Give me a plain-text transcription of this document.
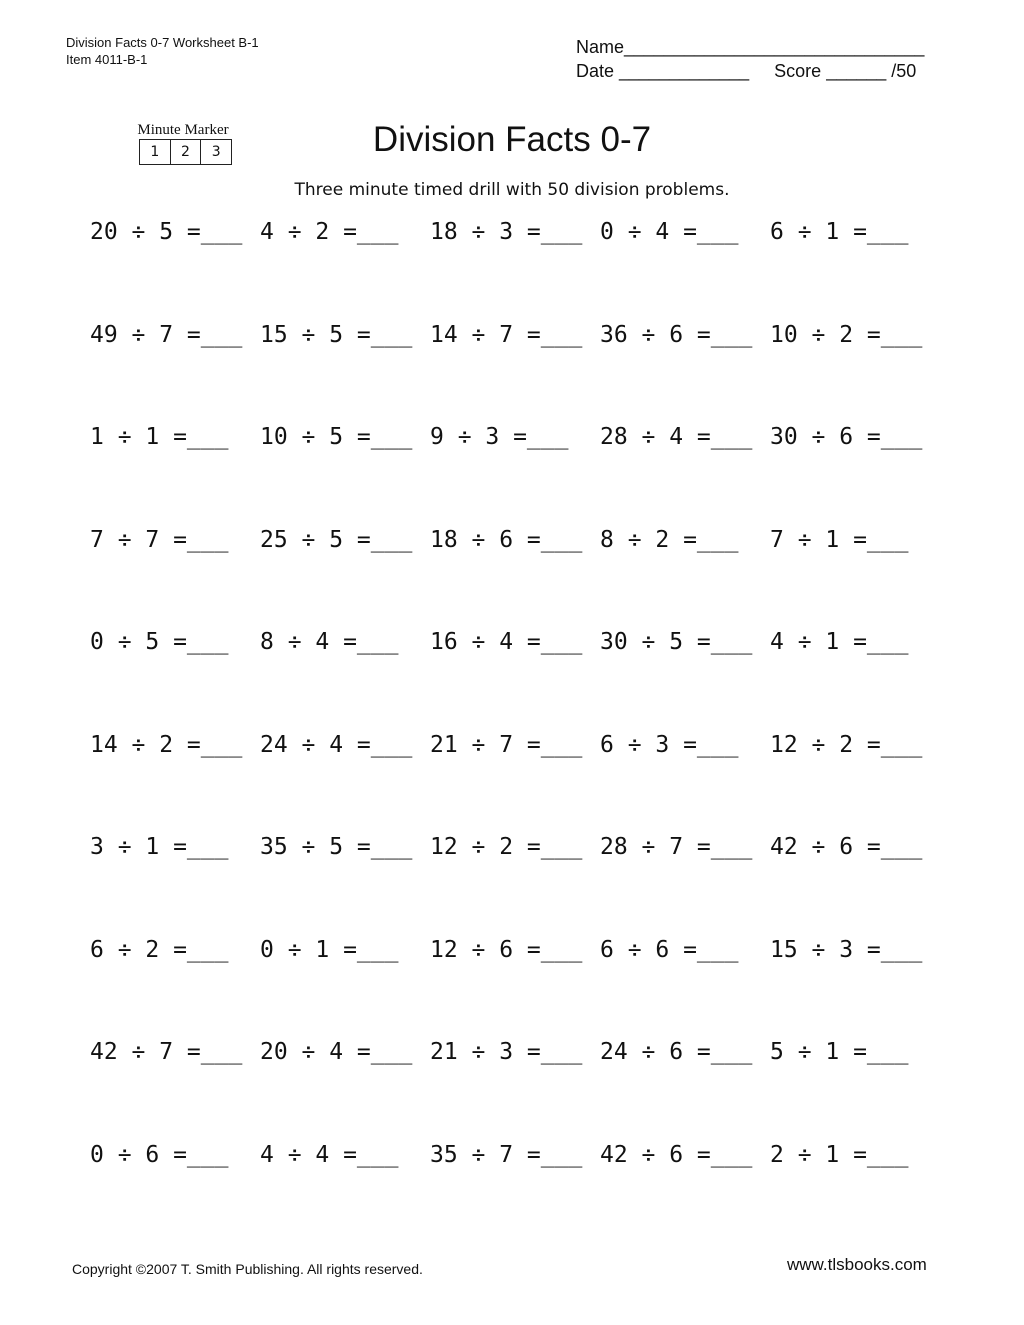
Division Facts 0-7 Worksheet B-1
Item 4011-B-1
Name______________________________
Date _____________     Score ______ /50
Minute Marker
1	2	3	Division Facts 0-7
Three minute timed drill with 50 division problems.
20 ÷ 5 =___ 4 ÷ 2 =___ 18 ÷ 3 =___ 0 ÷ 4 =___ 6 ÷ 1 =___
49 ÷ 7 =___ 15 ÷ 5 =___ 14 ÷ 7 =___ 36 ÷ 6 =___ 10 ÷ 2 =___
1 ÷ 1 =___ 10 ÷ 5 =___ 9 ÷ 3 =___ 28 ÷ 4 =___ 30 ÷ 6 =___
7 ÷ 7 =___ 25 ÷ 5 =___ 18 ÷ 6 =___ 8 ÷ 2 =___ 7 ÷ 1 =___
0 ÷ 5 =___ 8 ÷ 4 =___ 16 ÷ 4 =___ 30 ÷ 5 =___ 4 ÷ 1 =___
14 ÷ 2 =___ 24 ÷ 4 =___ 21 ÷ 7 =___ 6 ÷ 3 =___ 12 ÷ 2 =___
3 ÷ 1 =___ 35 ÷ 5 =___ 12 ÷ 2 =___ 28 ÷ 7 =___ 42 ÷ 6 =___
6 ÷ 2 =___ 0 ÷ 1 =___ 12 ÷ 6 =___ 6 ÷ 6 =___ 15 ÷ 3 =___
42 ÷ 7 =___ 20 ÷ 4 =___ 21 ÷ 3 =___ 24 ÷ 6 =___ 5 ÷ 1 =___
0 ÷ 6 =___ 4 ÷ 4 =___ 35 ÷ 7 =___ 42 ÷ 6 =___ 2 ÷ 1 =___
Copyright ©2007 T. Smith Publishing. All rights reserved.	www.tlsbooks.com
